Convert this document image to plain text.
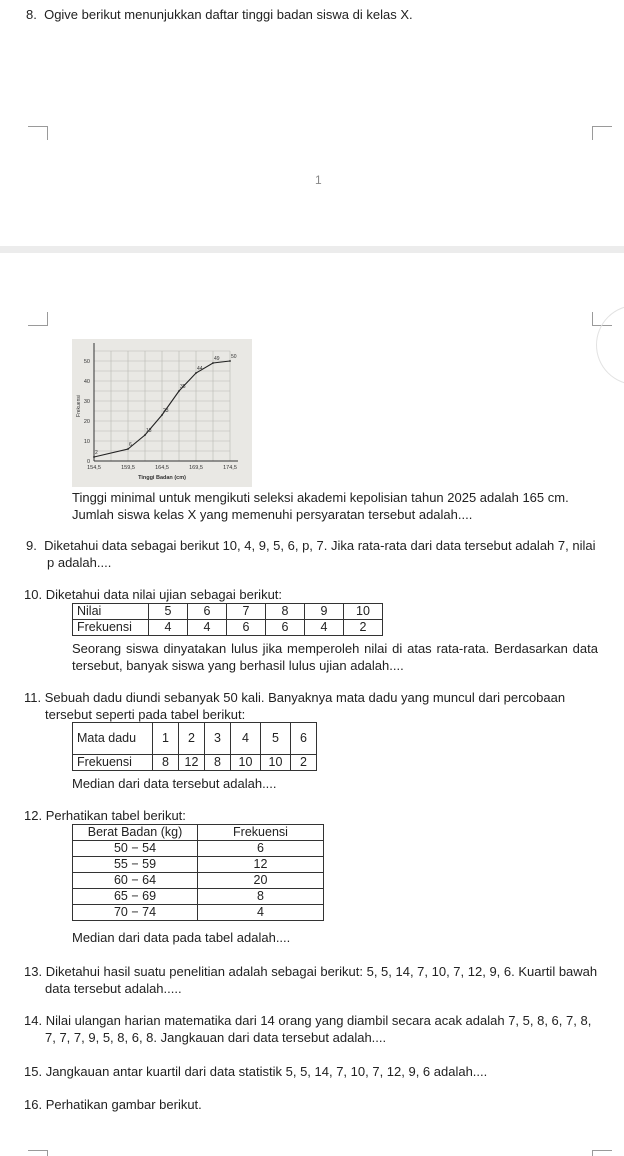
8. Ogive berikut menunjukkan daftar tinggi badan siswa di kelas X.
1
0
10
20
30
40
50
154,5	159,5	164,5	169,5	174,5
Tinggi Badan (cm)
Frekuensi
2
6
13
23
35
44
49 50
Tinggi minimal untuk mengikuti seleksi akademi kepolisian tahun 2025 adalah 165 cm. Jumlah siswa kelas X yang memenuhi persyaratan tersebut adalah....
9. Diketahui data sebagai berikut 10, 4, 9, 5, 6, p, 7. Jika rata-rata dari data tersebut adalah 7, nilai p adalah....
10. Diketahui data nilai ujian sebagai berikut:
Nilai	5	6	7	8	9	10
Frekuensi	4	4	6	6	4	2
Seorang siswa dinyatakan lulus jika memperoleh nilai di atas rata-rata. Berdasarkan data tersebut, banyak siswa yang berhasil lulus ujian adalah....
11. Sebuah dadu diundi sebanyak 50 kali. Banyaknya mata dadu yang muncul dari percobaan tersebut seperti pada tabel berikut:
Mata dadu	1	2	3	4	5	6
Frekuensi	8	12	8	10	10	2
Median dari data tersebut adalah....
12. Perhatikan tabel berikut:
Berat Badan (kg)	Frekuensi
50 − 54	6
55 − 59	12
60 − 64	20
65 − 69	8
70 − 74	4
Median dari data pada tabel adalah....
13. Diketahui hasil suatu penelitian adalah sebagai berikut: 5, 5, 14, 7, 10, 7, 12, 9, 6. Kuartil bawah data tersebut adalah.....
14. Nilai ulangan harian matematika dari 14 orang yang diambil secara acak adalah 7, 5, 8, 6, 7, 8, 7, 7, 7, 9, 5, 8, 6, 8. Jangkauan dari data tersebut adalah....
15. Jangkauan antar kuartil dari data statistik 5, 5, 14, 7, 10, 7, 12, 9, 6 adalah....
16. Perhatikan gambar berikut.
